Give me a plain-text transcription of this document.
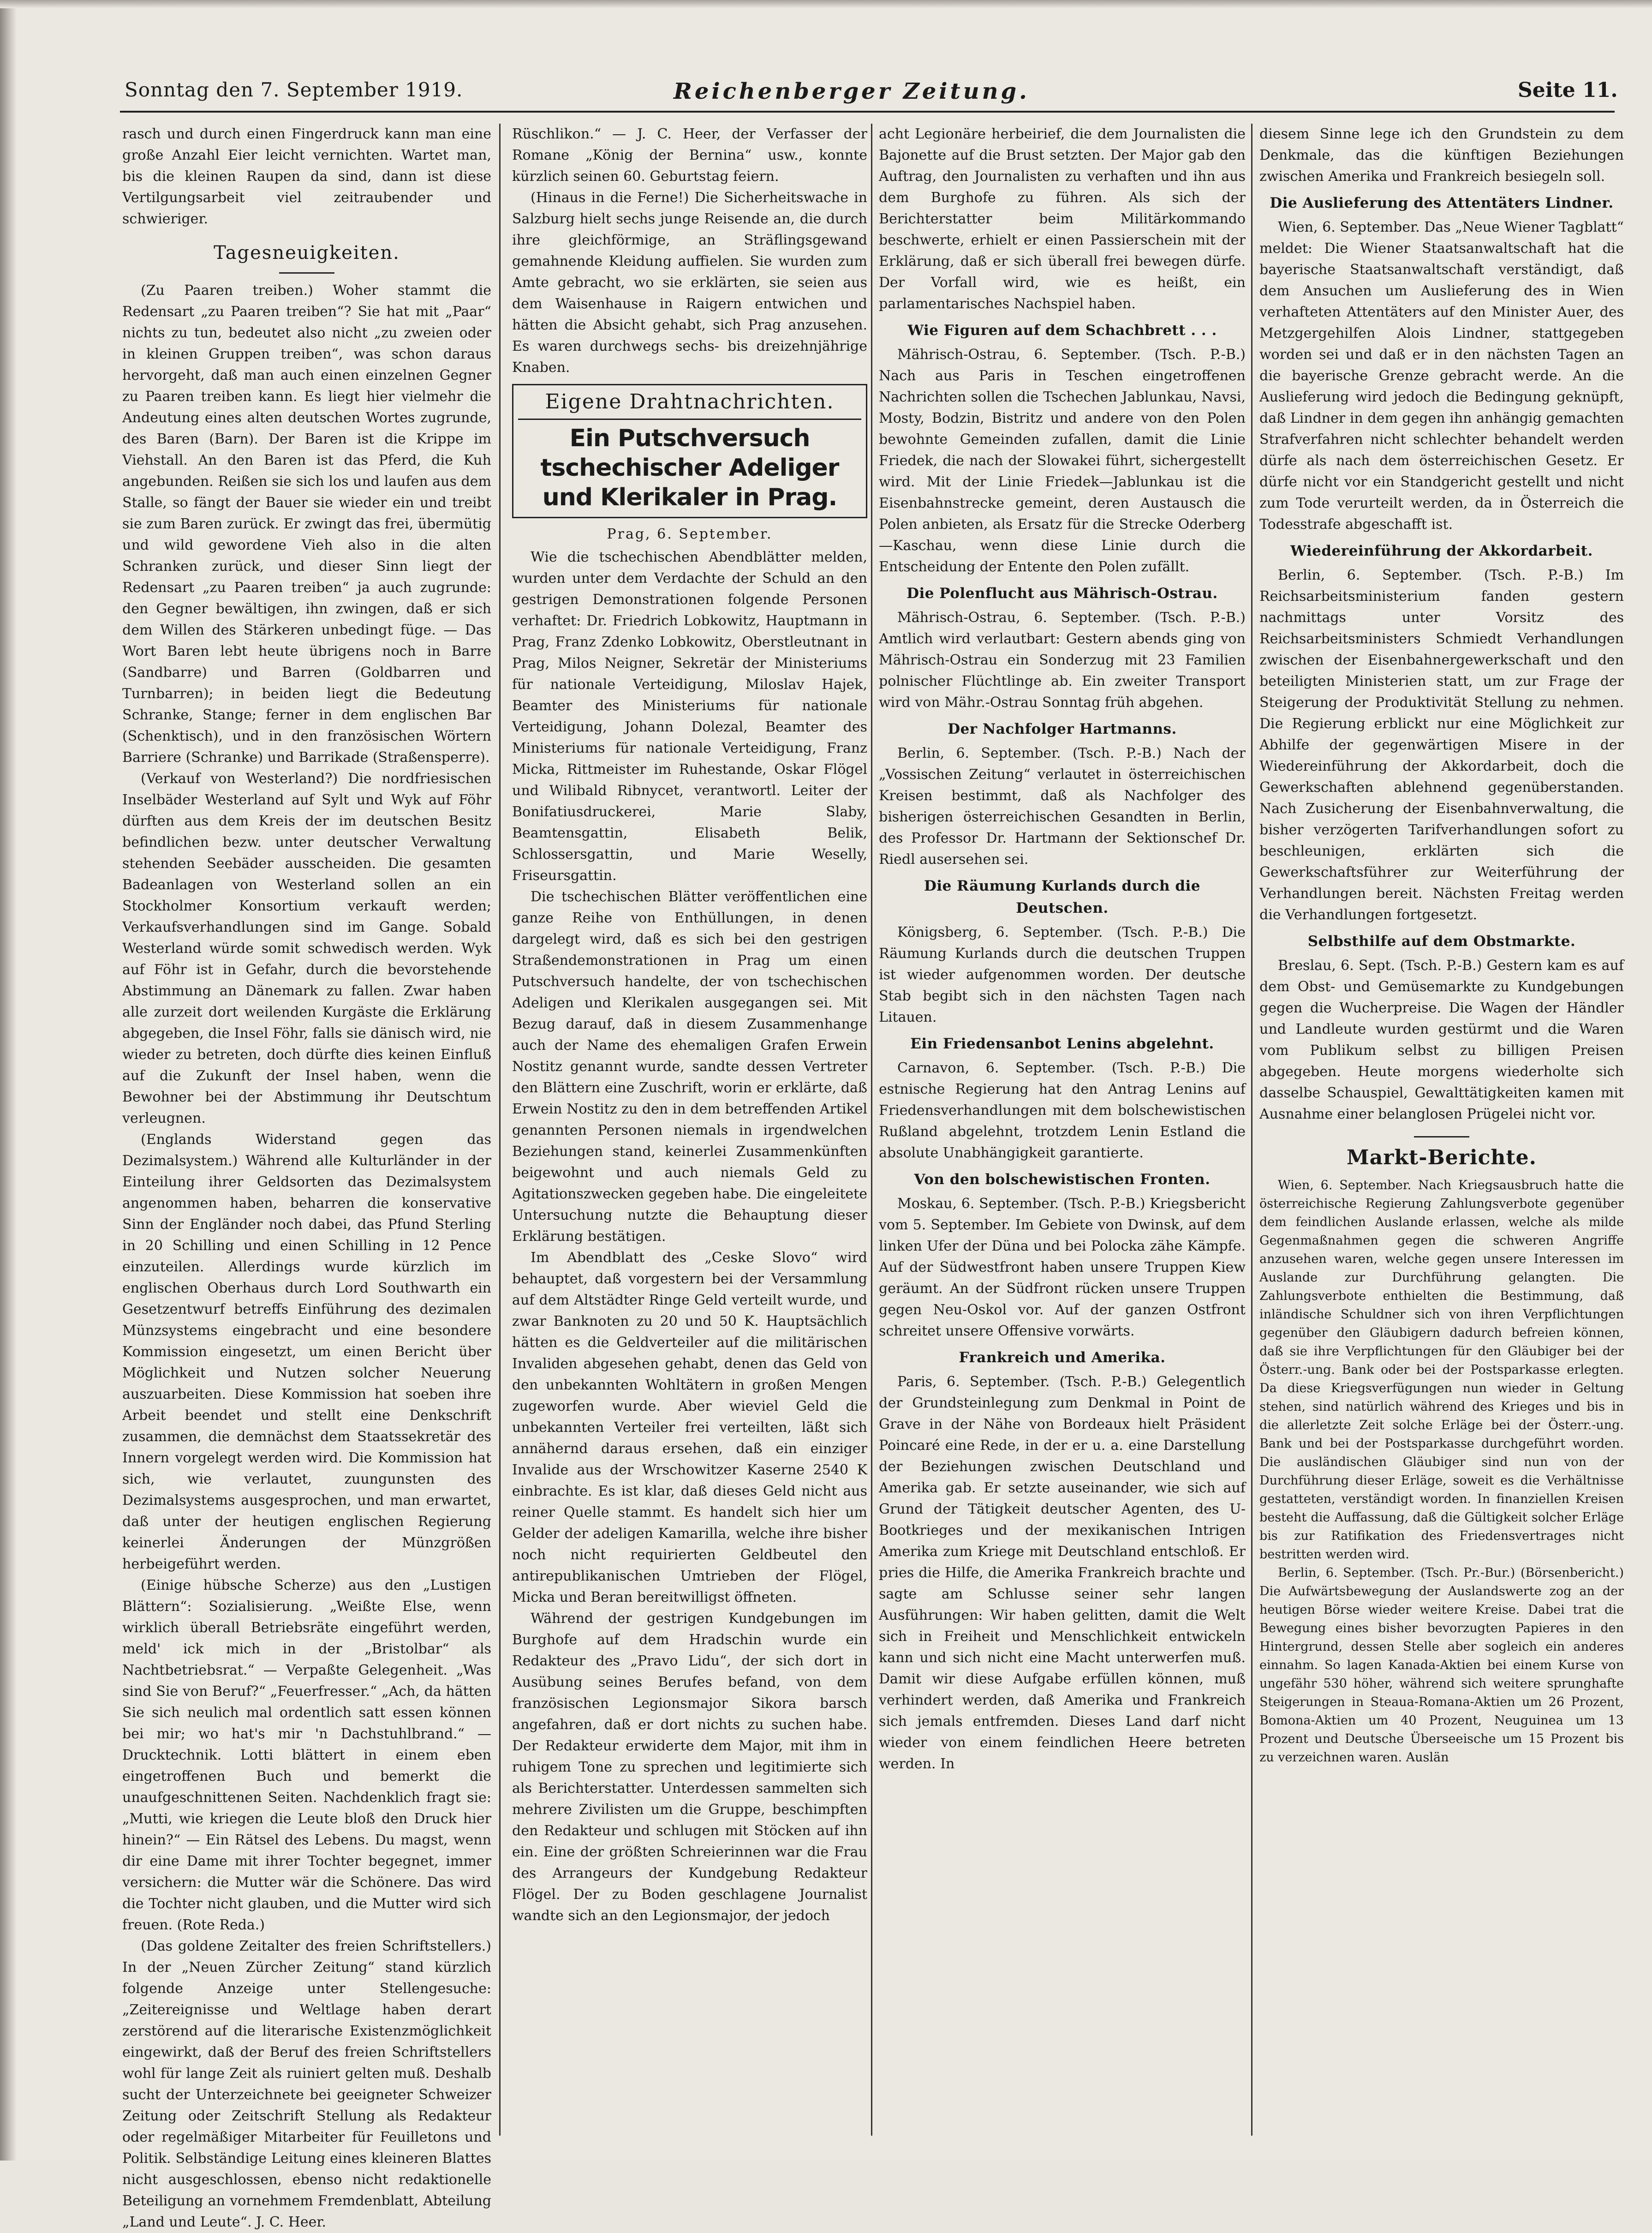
Sonntag den 7. September 1919.	Reichenberger Zeitung.	Seite 11.

rasch und durch einen Fingerdruck kann man eine große Anzahl Eier leicht vernichten. Wartet man, bis die kleinen Raupen da sind, dann ist diese Vertilgungsarbeit viel zeitraubender und schwieriger.

Tagesneuigkeiten.

(Zu Paaren treiben.) Woher stammt die Redensart „zu Paaren treiben“? Sie hat mit „Paar“ nichts zu tun, bedeutet also nicht „zu zweien oder in kleinen Gruppen treiben“, was schon daraus hervorgeht, daß man auch einen einzelnen Gegner zu Paaren treiben kann. Es liegt hier vielmehr die Andeutung eines alten deutschen Wortes zugrunde, des Baren (Barn). Der Baren ist die Krippe im Viehstall. An den Baren ist das Pferd, die Kuh angebunden. Reißen sie sich los und laufen aus dem Stalle, so fängt der Bauer sie wieder ein und treibt sie zum Baren zurück. Er zwingt das frei, übermütig und wild gewordene Vieh also in die alten Schranken zurück, und dieser Sinn liegt der Redensart „zu Paaren treiben“ ja auch zugrunde: den Gegner bewältigen, ihn zwingen, daß er sich dem Willen des Stärkeren unbedingt füge. — Das Wort Baren lebt heute übrigens noch in Barre (Sandbarre) und Barren (Goldbarren und Turnbarren); in beiden liegt die Bedeutung Schranke, Stange; ferner in dem englischen Bar (Schenktisch), und in den französischen Wörtern Barriere (Schranke) und Barrikade (Straßensperre).

(Verkauf von Westerland?) Die nordfriesischen Inselbäder Westerland auf Sylt und Wyk auf Föhr dürften aus dem Kreis der im deutschen Besitz befindlichen bezw. unter deutscher Verwaltung stehenden Seebäder ausscheiden. Die gesamten Badeanlagen von Westerland sollen an ein Stockholmer Konsortium verkauft werden; Verkaufsverhandlungen sind im Gange. Sobald Westerland würde somit schwedisch werden. Wyk auf Föhr ist in Gefahr, durch die bevorstehende Abstimmung an Dänemark zu fallen. Zwar haben alle zurzeit dort weilenden Kurgäste die Erklärung abgegeben, die Insel Föhr, falls sie dänisch wird, nie wieder zu betreten, doch dürfte dies keinen Einfluß auf die Zukunft der Insel haben, wenn die Bewohner bei der Abstimmung ihr Deutschtum verleugnen.

(Englands Widerstand gegen das Dezimalsystem.) Während alle Kulturländer in der Einteilung ihrer Geldsorten das Dezimalsystem angenommen haben, beharren die konservative Sinn der Engländer noch dabei, das Pfund Sterling in 20 Schilling und einen Schilling in 12 Pence einzuteilen. Allerdings wurde kürzlich im englischen Oberhaus durch Lord Southwarth ein Gesetzentwurf betreffs Einführung des dezimalen Münzsystems eingebracht und eine besondere Kommission eingesetzt, um einen Bericht über Möglichkeit und Nutzen solcher Neuerung auszuarbeiten. Diese Kommission hat soeben ihre Arbeit beendet und stellt eine Denkschrift zusammen, die demnächst dem Staatssekretär des Innern vorgelegt werden wird. Die Kommission hat sich, wie verlautet, zuungunsten des Dezimalsystems ausgesprochen, und man erwartet, daß unter der heutigen englischen Regierung keinerlei Änderungen der Münzgrößen herbeigeführt werden.

(Einige hübsche Scherze) aus den „Lustigen Blättern“: Sozialisierung. „Weißte Else, wenn wirklich überall Betriebsräte eingeführt werden, meld' ick mich in der „Bristolbar“ als Nachtbetriebsrat.“ — Verpaßte Gelegenheit. „Was sind Sie von Beruf?“ „Feuerfresser.“ „Ach, da hätten Sie sich neulich mal ordentlich satt essen können bei mir; wo hat's mir 'n Dachstuhlbrand.“ — Drucktechnik. Lotti blättert in einem eben eingetroffenen Buch und bemerkt die unaufgeschnittenen Seiten. Nachdenklich fragt sie: „Mutti, wie kriegen die Leute bloß den Druck hier hinein?“ — Ein Rätsel des Lebens. Du magst, wenn dir eine Dame mit ihrer Tochter begegnet, immer versichern: die Mutter wär die Schönere. Das wird die Tochter nicht glauben, und die Mutter wird sich freuen. (Rote Reda.)

(Das goldene Zeitalter des freien Schriftstellers.) In der „Neuen Zürcher Zeitung“ stand kürzlich folgende Anzeige unter Stellengesuche: „Zeitereignisse und Weltlage haben derart zerstörend auf die literarische Existenzmöglichkeit eingewirkt, daß der Beruf des freien Schriftstellers wohl für lange Zeit als ruiniert gelten muß. Deshalb sucht der Unterzeichnete bei geeigneter Schweizer Zeitung oder Zeitschrift Stellung als Redakteur oder regelmäßiger Mitarbeiter für Feuilletons und Politik. Selbständige Leitung eines kleineren Blattes nicht ausgeschlossen, ebenso nicht redaktionelle Beteiligung an vornehmem Fremdenblatt, Abteilung „Land und Leute“. J. C. Heer.

Rüschlikon.“ — J. C. Heer, der Verfasser der Romane „König der Bernina“ usw., konnte kürzlich seinen 60. Geburtstag feiern.

(Hinaus in die Ferne!) Die Sicherheitswache in Salzburg hielt sechs junge Reisende an, die durch ihre gleichförmige, an Sträflingsgewand gemahnende Kleidung auffielen. Sie wurden zum Amte gebracht, wo sie erklärten, sie seien aus dem Waisenhause in Raigern entwichen und hätten die Absicht gehabt, sich Prag anzusehen. Es waren durchwegs sechs- bis dreizehnjährige Knaben.

Eigene Drahtnachrichten.
Ein Putschversuch tschechischer Adeliger und Klerikaler in Prag.
Prag, 6. September.

Wie die tschechischen Abendblätter melden, wurden unter dem Verdachte der Schuld an den gestrigen Demonstrationen folgende Personen verhaftet: Dr. Friedrich Lobkowitz, Hauptmann in Prag, Franz Zdenko Lobkowitz, Oberstleutnant in Prag, Milos Neigner, Sekretär der Ministeriums für nationale Verteidigung, Miloslav Hajek, Beamter des Ministeriums für nationale Verteidigung, Johann Dolezal, Beamter des Ministeriums für nationale Verteidigung, Franz Micka, Rittmeister im Ruhestande, Oskar Flögel und Wilibald Ribnycet, verantwortl. Leiter der Bonifatiusdruckerei, Marie Slaby, Beamtensgattin, Elisabeth Belik, Schlossersgattin, und Marie Weselly, Friseursgattin.

Die tschechischen Blätter veröffentlichen eine ganze Reihe von Enthüllungen, in denen dargelegt wird, daß es sich bei den gestrigen Straßendemonstrationen in Prag um einen Putschversuch handelte, der von tschechischen Adeligen und Klerikalen ausgegangen sei. Mit Bezug darauf, daß in diesem Zusammenhange auch der Name des ehemaligen Grafen Erwein Nostitz genannt wurde, sandte dessen Vertreter den Blättern eine Zuschrift, worin er erklärte, daß Erwein Nostitz zu den in dem betreffenden Artikel genannten Personen niemals in irgendwelchen Beziehungen stand, keinerlei Zusammenkünften beigewohnt und auch niemals Geld zu Agitationszwecken gegeben habe. Die eingeleitete Untersuchung nutzte die Behauptung dieser Erklärung bestätigen.

Im Abendblatt des „Ceske Slovo“ wird behauptet, daß vorgestern bei der Versammlung auf dem Altstädter Ringe Geld verteilt wurde, und zwar Banknoten zu 20 und 50 K. Hauptsächlich hätten es die Geldverteiler auf die militärischen Invaliden abgesehen gehabt, denen das Geld von den unbekannten Wohltätern in großen Mengen zugeworfen wurde. Aber wieviel Geld die unbekannten Verteiler frei verteilten, läßt sich annähernd daraus ersehen, daß ein einziger Invalide aus der Wrschowitzer Kaserne 2540 K einbrachte. Es ist klar, daß dieses Geld nicht aus reiner Quelle stammt. Es handelt sich hier um Gelder der adeligen Kamarilla, welche ihre bisher noch nicht requirierten Geldbeutel den antirepublikanischen Umtrieben der Flögel, Micka und Beran bereitwilligst öffneten.

Während der gestrigen Kundgebungen im Burghofe auf dem Hradschin wurde ein Redakteur des „Pravo Lidu“, der sich dort in Ausübung seines Berufes befand, von dem französischen Legionsmajor Sikora barsch angefahren, daß er dort nichts zu suchen habe. Der Redakteur erwiderte dem Major, mit ihm in ruhigem Tone zu sprechen und legitimierte sich als Berichterstatter. Unterdessen sammelten sich mehrere Zivilisten um die Gruppe, beschimpften den Redakteur und schlugen mit Stöcken auf ihn ein. Eine der größten Schreierinnen war die Frau des Arrangeurs der Kundgebung Redakteur Flögel. Der zu Boden geschlagene Journalist wandte sich an den Legionsmajor, der jedoch

acht Legionäre herbeirief, die dem Journalisten die Bajonette auf die Brust setzten. Der Major gab den Auftrag, den Journalisten zu verhaften und ihn aus dem Burghofe zu führen. Als sich der Berichterstatter beim Militärkommando beschwerte, erhielt er einen Passierschein mit der Erklärung, daß er sich überall frei bewegen dürfe. Der Vorfall wird, wie es heißt, ein parlamentarisches Nachspiel haben.

Wie Figuren auf dem Schachbrett . . .

Mährisch-Ostrau, 6. September. (Tsch. P.-B.) Nach aus Paris in Teschen eingetroffenen Nachrichten sollen die Tschechen Jablunkau, Navsi, Mosty, Bodzin, Bistritz und andere von den Polen bewohnte Gemeinden zufallen, damit die Linie Friedek, die nach der Slowakei führt, sichergestellt wird. Mit der Linie Friedek—Jablunkau ist die Eisenbahnstrecke gemeint, deren Austausch die Polen anbieten, als Ersatz für die Strecke Oderberg—Kaschau, wenn diese Linie durch die Entscheidung der Entente den Polen zufällt.

Die Polenflucht aus Mährisch-Ostrau.

Mährisch-Ostrau, 6. September. (Tsch. P.-B.) Amtlich wird verlautbart: Gestern abends ging von Mährisch-Ostrau ein Sonderzug mit 23 Familien polnischer Flüchtlinge ab. Ein zweiter Transport wird von Mähr.-Ostrau Sonntag früh abgehen.

Der Nachfolger Hartmanns.

Berlin, 6. September. (Tsch. P.-B.) Nach der „Vossischen Zeitung“ verlautet in österreichischen Kreisen bestimmt, daß als Nachfolger des bisherigen österreichischen Gesandten in Berlin, des Professor Dr. Hartmann der Sektionschef Dr. Riedl ausersehen sei.

Die Räumung Kurlands durch die Deutschen.

Königsberg, 6. September. (Tsch. P.-B.) Die Räumung Kurlands durch die deutschen Truppen ist wieder aufgenommen worden. Der deutsche Stab begibt sich in den nächsten Tagen nach Litauen.

Ein Friedensanbot Lenins abgelehnt.

Carnavon, 6. September. (Tsch. P.-B.) Die estnische Regierung hat den Antrag Lenins auf Friedensverhandlungen mit dem bolschewistischen Rußland abgelehnt, trotzdem Lenin Estland die absolute Unabhängigkeit garantierte.

Von den bolschewistischen Fronten.

Moskau, 6. September. (Tsch. P.-B.) Kriegsbericht vom 5. September. Im Gebiete von Dwinsk, auf dem linken Ufer der Düna und bei Polocka zähe Kämpfe. Auf der Südwestfront haben unsere Truppen Kiew geräumt. An der Südfront rücken unsere Truppen gegen Neu-Oskol vor. Auf der ganzen Ostfront schreitet unsere Offensive vorwärts.

Frankreich und Amerika.

Paris, 6. September. (Tsch. P.-B.) Gelegentlich der Grundsteinlegung zum Denkmal in Point de Grave in der Nähe von Bordeaux hielt Präsident Poincaré eine Rede, in der er u. a. eine Darstellung der Beziehungen zwischen Deutschland und Amerika gab. Er setzte auseinander, wie sich auf Grund der Tätigkeit deutscher Agenten, des U-Bootkrieges und der mexikanischen Intrigen Amerika zum Kriege mit Deutschland entschloß. Er pries die Hilfe, die Amerika Frankreich brachte und sagte am Schlusse seiner sehr langen Ausführungen: Wir haben gelitten, damit die Welt sich in Freiheit und Menschlichkeit entwickeln kann und sich nicht eine Macht unterwerfen muß. Damit wir diese Aufgabe erfüllen können, muß verhindert werden, daß Amerika und Frankreich sich jemals entfremden. Dieses Land darf nicht wieder von einem feindlichen Heere betreten werden. In

diesem Sinne lege ich den Grundstein zu dem Denkmale, das die künftigen Beziehungen zwischen Amerika und Frankreich besiegeln soll.

Die Auslieferung des Attentäters Lindner.

Wien, 6. September. Das „Neue Wiener Tagblatt“ meldet: Die Wiener Staatsanwaltschaft hat die bayerische Staatsanwaltschaft verständigt, daß dem Ansuchen um Auslieferung des in Wien verhafteten Attentäters auf den Minister Auer, des Metzgergehilfen Alois Lindner, stattgegeben worden sei und daß er in den nächsten Tagen an die bayerische Grenze gebracht werde. An die Auslieferung wird jedoch die Bedingung geknüpft, daß Lindner in dem gegen ihn anhängig gemachten Strafverfahren nicht schlechter behandelt werden dürfe als nach dem österreichischen Gesetz. Er dürfe nicht vor ein Standgericht gestellt und nicht zum Tode verurteilt werden, da in Österreich die Todesstrafe abgeschafft ist.

Wiedereinführung der Akkordarbeit.

Berlin, 6. September. (Tsch. P.-B.) Im Reichsarbeitsministerium fanden gestern nachmittags unter Vorsitz des Reichsarbeitsministers Schmiedt Verhandlungen zwischen der Eisenbahnergewerkschaft und den beteiligten Ministerien statt, um zur Frage der Steigerung der Produktivität Stellung zu nehmen. Die Regierung erblickt nur eine Möglichkeit zur Abhilfe der gegenwärtigen Misere in der Wiedereinführung der Akkordarbeit, doch die Gewerkschaften ablehnend gegenüberstanden. Nach Zusicherung der Eisenbahnverwaltung, die bisher verzögerten Tarifverhandlungen sofort zu beschleunigen, erklärten sich die Gewerkschaftsführer zur Weiterführung der Verhandlungen bereit. Nächsten Freitag werden die Verhandlungen fortgesetzt.

Selbsthilfe auf dem Obstmarkte.

Breslau, 6. Sept. (Tsch. P.-B.) Gestern kam es auf dem Obst- und Gemüsemarkte zu Kundgebungen gegen die Wucherpreise. Die Wagen der Händler und Landleute wurden gestürmt und die Waren vom Publikum selbst zu billigen Preisen abgegeben. Heute morgens wiederholte sich dasselbe Schauspiel, Gewalttätigkeiten kamen mit Ausnahme einer belanglosen Prügelei nicht vor.

Markt-Berichte.

Wien, 6. September. Nach Kriegsausbruch hatte die österreichische Regierung Zahlungsverbote gegenüber dem feindlichen Auslande erlassen, welche als milde Gegenmaßnahmen gegen die schweren Angriffe anzusehen waren, welche gegen unsere Interessen im Auslande zur Durchführung gelangten. Die Zahlungsverbote enthielten die Bestimmung, daß inländische Schuldner sich von ihren Verpflichtungen gegenüber den Gläubigern dadurch befreien können, daß sie ihre Verpflichtungen für den Gläubiger bei der Österr.-ung. Bank oder bei der Postsparkasse erlegten. Da diese Kriegsverfügungen nun wieder in Geltung stehen, sind natürlich während des Krieges und bis in die allerletzte Zeit solche Erläge bei der Österr.-ung. Bank und bei der Postsparkasse durchgeführt worden. Die ausländischen Gläubiger sind nun von der Durchführung dieser Erläge, soweit es die Verhältnisse gestatteten, verständigt worden. In finanziellen Kreisen besteht die Auffassung, daß die Gültigkeit solcher Erläge bis zur Ratifikation des Friedensvertrages nicht bestritten werden wird.

Berlin, 6. September. (Tsch. Pr.-Bur.) (Börsenbericht.) Die Aufwärtsbewegung der Auslandswerte zog an der heutigen Börse wieder weitere Kreise. Dabei trat die Bewegung eines bisher bevorzugten Papieres in den Hintergrund, dessen Stelle aber sogleich ein anderes einnahm. So lagen Kanada-Aktien bei einem Kurse von ungefähr 530 höher, während sich weitere sprunghafte Steigerungen in Steaua-Romana-Aktien um 26 Prozent, Bomona-Aktien um 40 Prozent, Neuguinea um 13 Prozent und Deutsche Überseeische um 15 Prozent bis zu verzeichnen waren. Auslän
